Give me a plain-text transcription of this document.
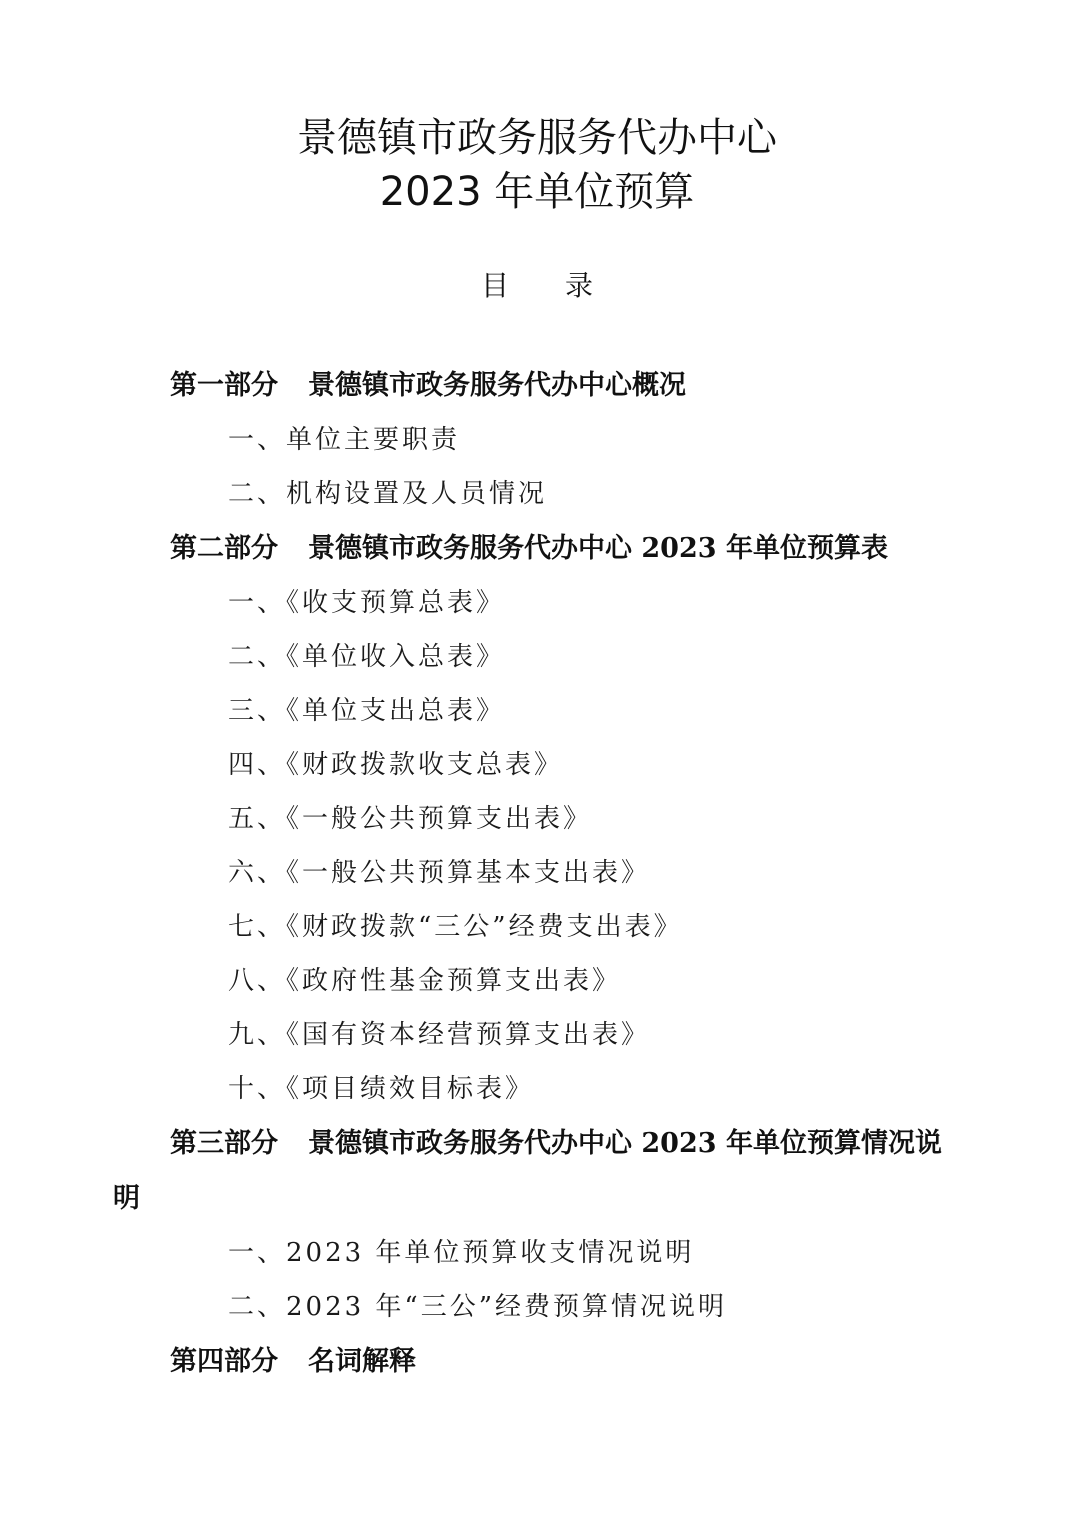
景德镇市政务服务代办中心
2023 年单位预算
目录
第一部分 景德镇市政务服务代办中心概况
一、单位主要职责
二、机构设置及人员情况
第二部分 景德镇市政务服务代办中心 2023 年单位预算表
一、《收支预算总表》
二、《单位收入总表》
三、《单位支出总表》
四、《财政拨款收支总表》
五、《一般公共预算支出表》
六、《一般公共预算基本支出表》
七、《财政拨款“三公”经费支出表》
八、《政府性基金预算支出表》
九、《国有资本经营预算支出表》
十、《项目绩效目标表》
第三部分 景德镇市政务服务代办中心 2023 年单位预算情况说
明
一、2023 年单位预算收支情况说明
二、2023 年“三公”经费预算情况说明
第四部分 名词解释
